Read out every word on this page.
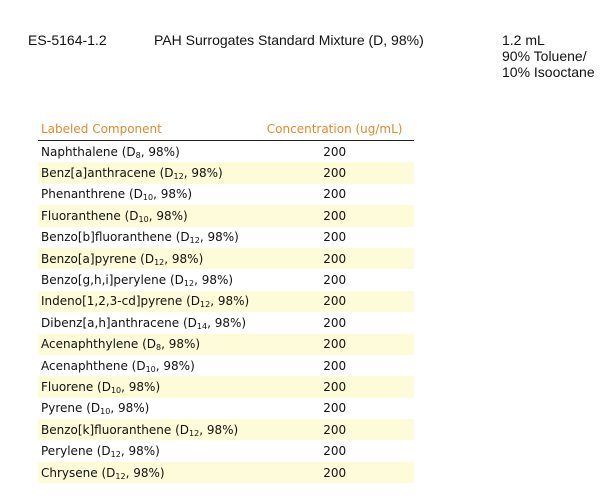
ES-5164-1.2	PAH Surrogates Standard Mixture (D, 98%)	1.2 mL
90% Toluene/
10% Isooctane
Labeled Component	Concentration (ug/mL)
Naphthalene ($D_8$, 98%)	200
Benz[a]anthracene ($D_{12}$, 98%)	200
Phenanthrene ($D_{10}$, 98%)	200
Fluoranthene ($D_{10}$, 98%)	200
Benzo[b]fluoranthene ($D_{12}$, 98%)	200
Benzo[a]pyrene ($D_{12}$, 98%)	200
Benzo[g,h,i]perylene ($D_{12}$, 98%)	200
Indeno[1,2,3-cd]pyrene ($D_{12}$, 98%)	200
Dibenz[a,h]anthracene ($D_{14}$, 98%)	200
Acenaphthylene ($D_8$, 98%)	200
Acenaphthene ($D_{10}$, 98%)	200
Fluorene ($D_{10}$, 98%)	200
Pyrene ($D_{10}$, 98%)	200
Benzo[k]fluoranthene ($D_{12}$, 98%)	200
Perylene ($D_{12}$, 98%)	200
Chrysene ($D_{12}$, 98%)	200
